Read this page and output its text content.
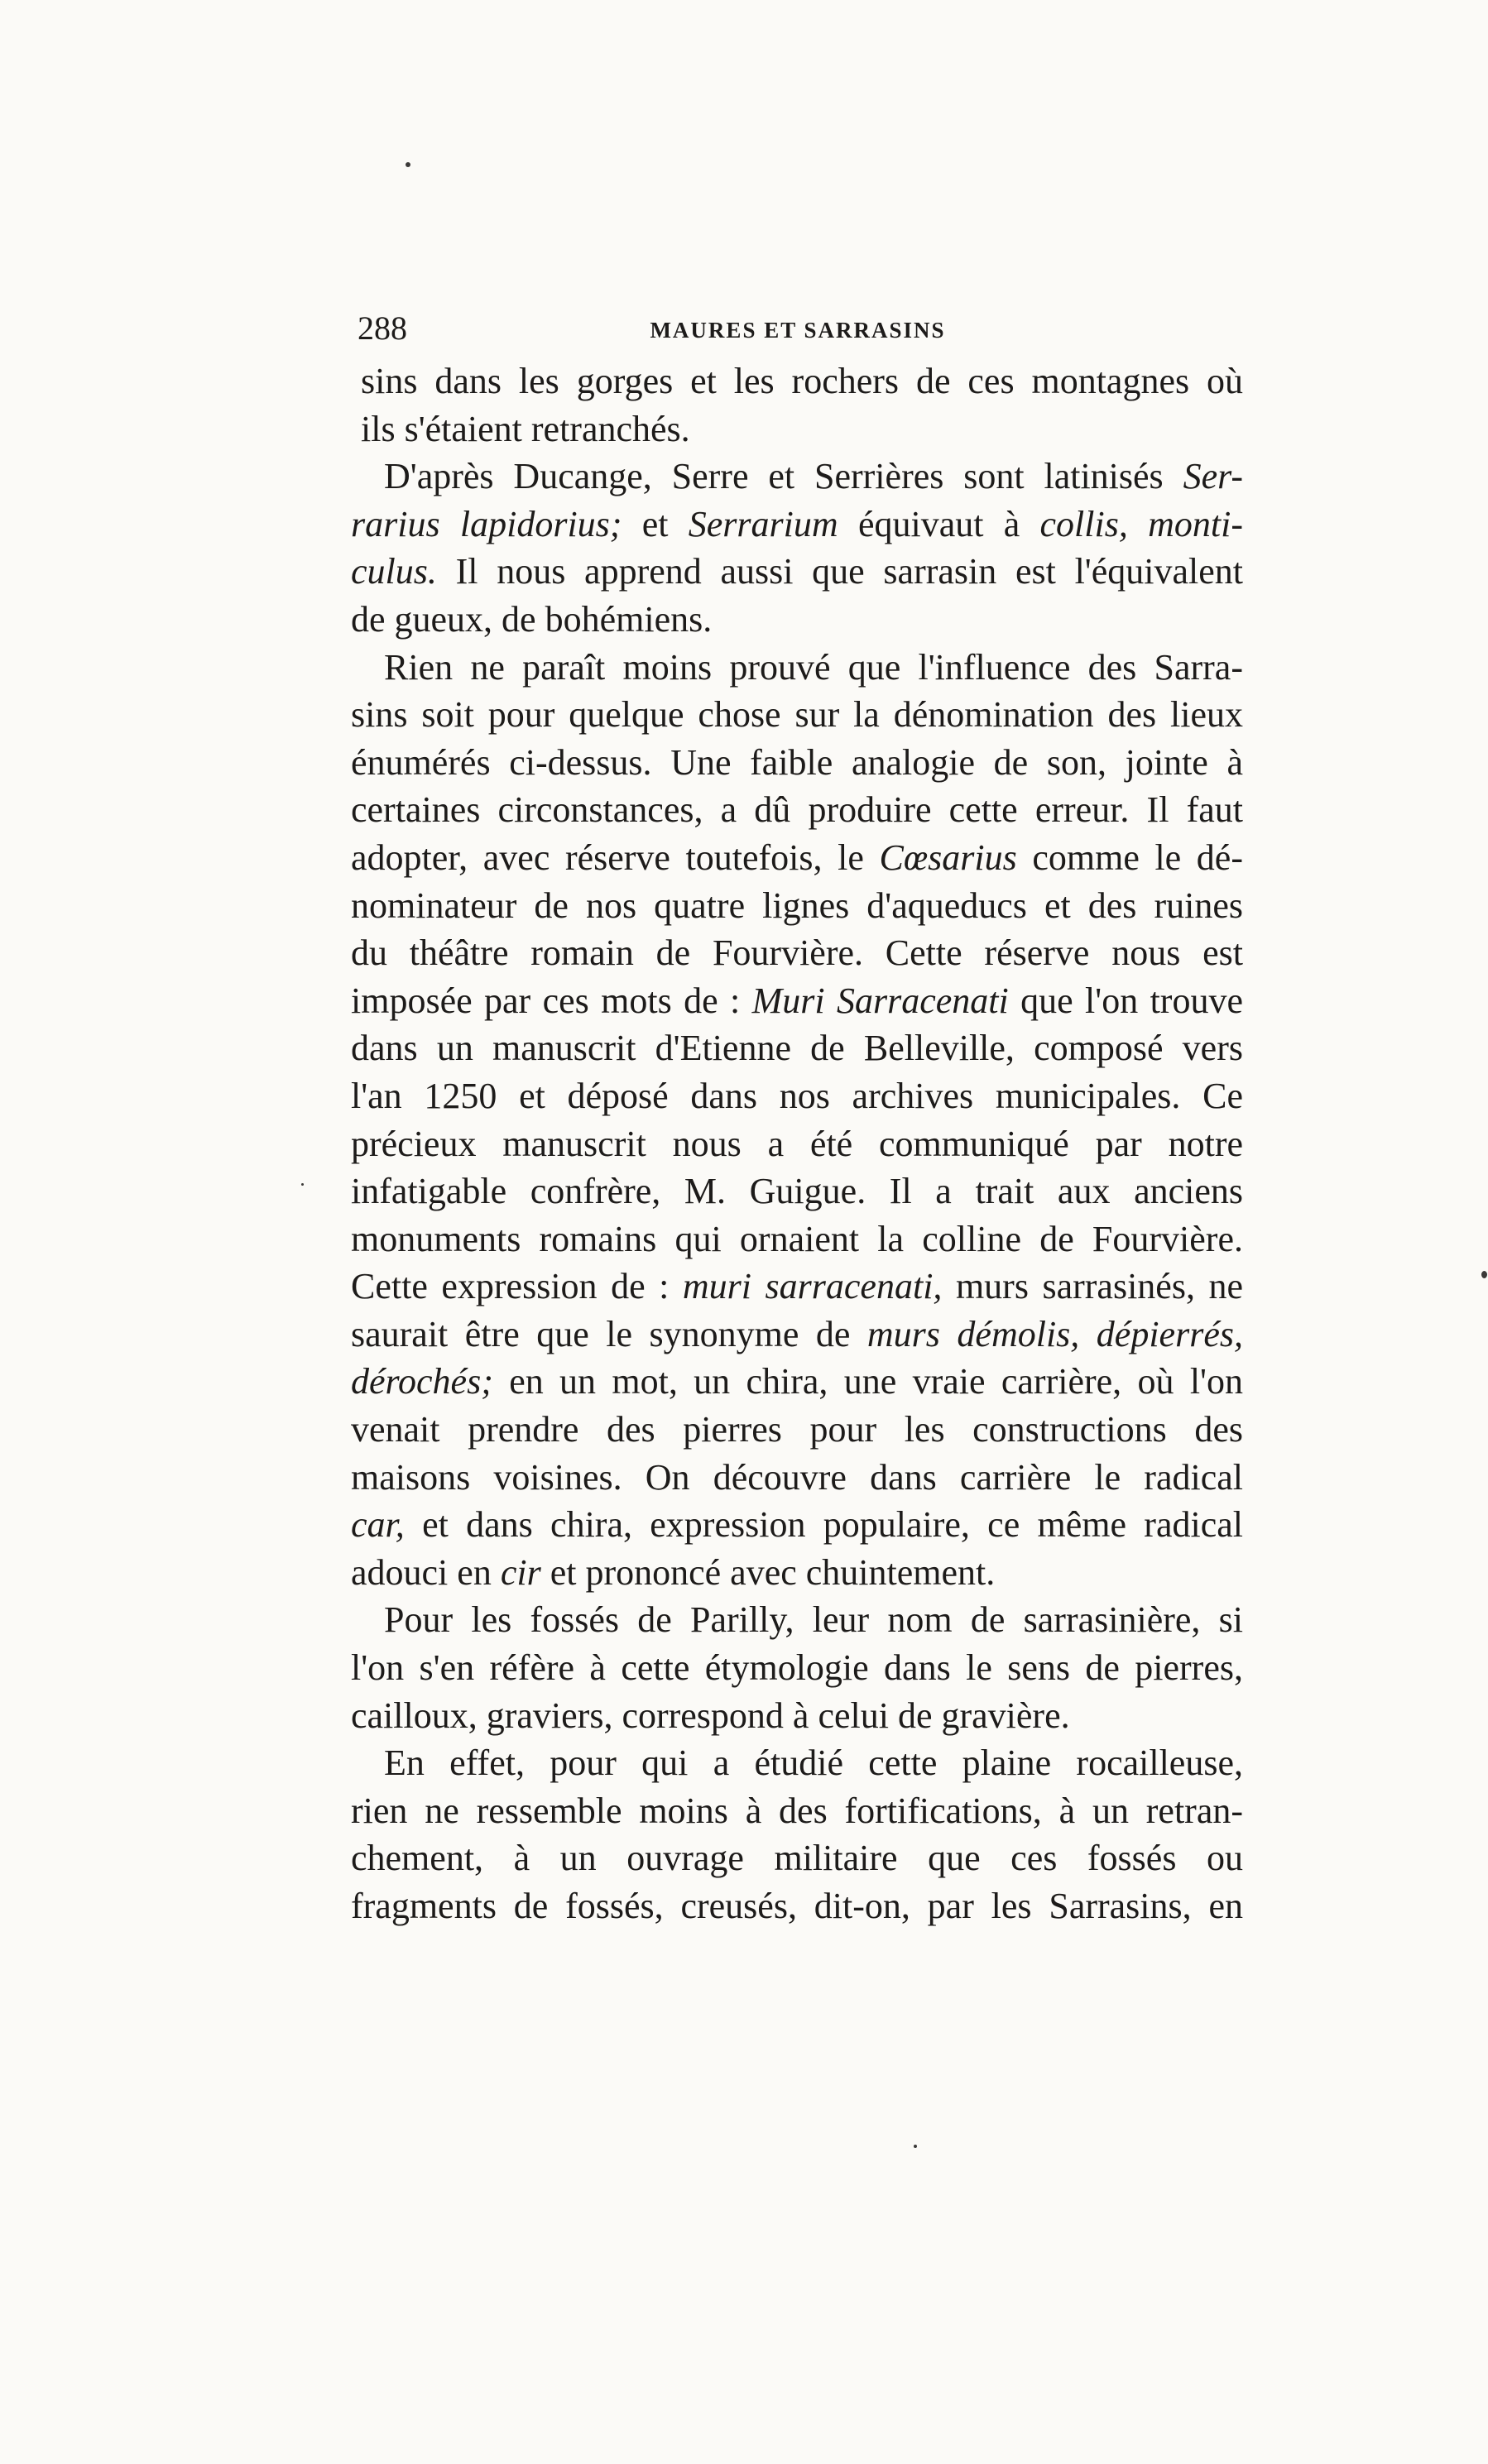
288	MAURES ET SARRASINS
sins dans les gorges et les rochers de ces montagnes où
ils s'étaient retranchés.
D'après Ducange, Serre et Serrières sont latinisés Ser-
rarius lapidorius; et Serrarium équivaut à collis, monti-
culus. Il nous apprend aussi que sarrasin est l'équivalent
de gueux, de bohémiens.
Rien ne paraît moins prouvé que l'influence des Sarra-
sins soit pour quelque chose sur la dénomination des lieux
énumérés ci-dessus. Une faible analogie de son, jointe à
certaines circonstances, a dû produire cette erreur. Il faut
adopter, avec réserve toutefois, le Cœsarius comme le dé-
nominateur de nos quatre lignes d'aqueducs et des ruines
du théâtre romain de Fourvière. Cette réserve nous est
imposée par ces mots de : Muri Sarracenati que l'on trouve
dans un manuscrit d'Etienne de Belleville, composé vers
l'an 1250 et déposé dans nos archives municipales. Ce
précieux manuscrit nous a été communiqué par notre
infatigable confrère, M. Guigue. Il a trait aux anciens
monuments romains qui ornaient la colline de Fourvière.
Cette expression de : muri sarracenati, murs sarrasinés, ne
saurait être que le synonyme de murs démolis, dépierrés,
dérochés; en un mot, un chira, une vraie carrière, où l'on
venait prendre des pierres pour les constructions des
maisons voisines. On découvre dans carrière le radical
car, et dans chira, expression populaire, ce même radical
adouci en cir et prononcé avec chuintement.
Pour les fossés de Parilly, leur nom de sarrasinière, si
l'on s'en réfère à cette étymologie dans le sens de pierres,
cailloux, graviers, correspond à celui de gravière.
En effet, pour qui a étudié cette plaine rocailleuse,
rien ne ressemble moins à des fortifications, à un retran-
chement, à un ouvrage militaire que ces fossés ou
fragments de fossés, creusés, dit-on, par les Sarrasins, en
